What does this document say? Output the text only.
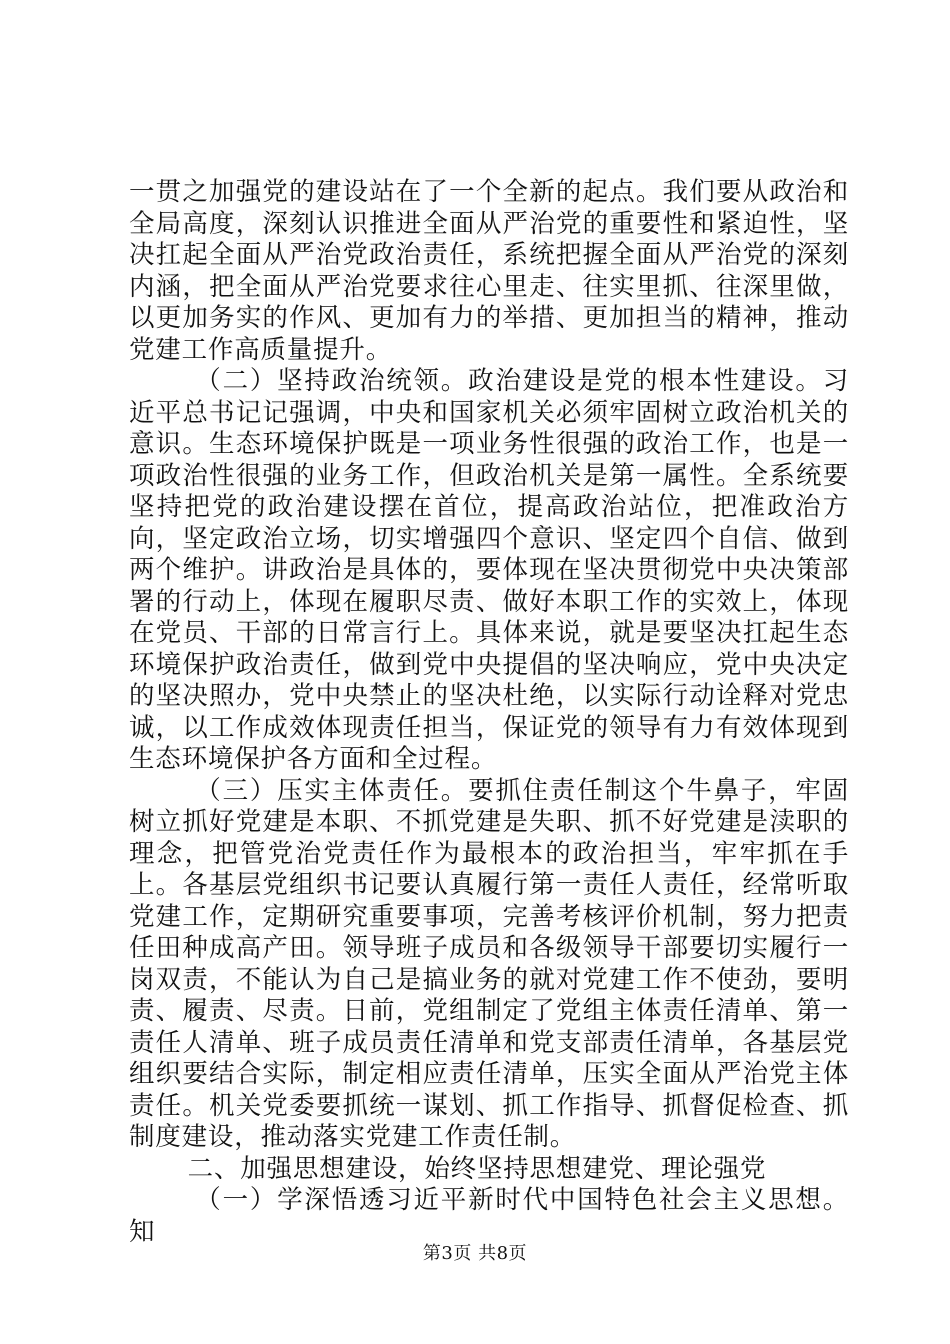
一贯之加强党的建设站在了一个全新的起点。我们要从政治和全局高度，深刻认识推进全面从严治党的重要性和紧迫性，坚决扛起全面从严治党政治责任，系统把握全面从严治党的深刻内涵，把全面从严治党要求往心里走、往实里抓、往深里做，以更加务实的作风、更加有力的举措、更加担当的精神，推动党建工作高质量提升。

（二）坚持政治统领。政治建设是党的根本性建设。习近平总书记记强调，中央和国家机关必须牢固树立政治机关的意识。生态环境保护既是一项业务性很强的政治工作，也是一项政治性很强的业务工作，但政治机关是第一属性。全系统要坚持把党的政治建设摆在首位，提高政治站位，把准政治方向，坚定政治立场，切实增强四个意识、坚定四个自信、做到两个维护。讲政治是具体的，要体现在坚决贯彻党中央决策部署的行动上，体现在履职尽责、做好本职工作的实效上，体现在党员、干部的日常言行上。具体来说，就是要坚决扛起生态环境保护政治责任，做到党中央提倡的坚决响应，党中央决定的坚决照办，党中央禁止的坚决杜绝，以实际行动诠释对党忠诚，以工作成效体现责任担当，保证党的领导有力有效体现到生态环境保护各方面和全过程。

（三）压实主体责任。要抓住责任制这个牛鼻子，牢固树立抓好党建是本职、不抓党建是失职、抓不好党建是渎职的理念，把管党治党责任作为最根本的政治担当，牢牢抓在手上。各基层党组织书记要认真履行第一责任人责任，经常听取党建工作，定期研究重要事项，完善考核评价机制，努力把责任田种成高产田。领导班子成员和各级领导干部要切实履行一岗双责，不能认为自己是搞业务的就对党建工作不使劲，要明责、履责、尽责。日前，党组制定了党组主体责任清单、第一责任人清单、班子成员责任清单和党支部责任清单，各基层党组织要结合实际，制定相应责任清单，压实全面从严治党主体责任。机关党委要抓统一谋划、抓工作指导、抓督促检查、抓制度建设，推动落实党建工作责任制。

二、加强思想建设，始终坚持思想建党、理论强党

（一）学深悟透习近平新时代中国特色社会主义思想。知

第3页 共8页
